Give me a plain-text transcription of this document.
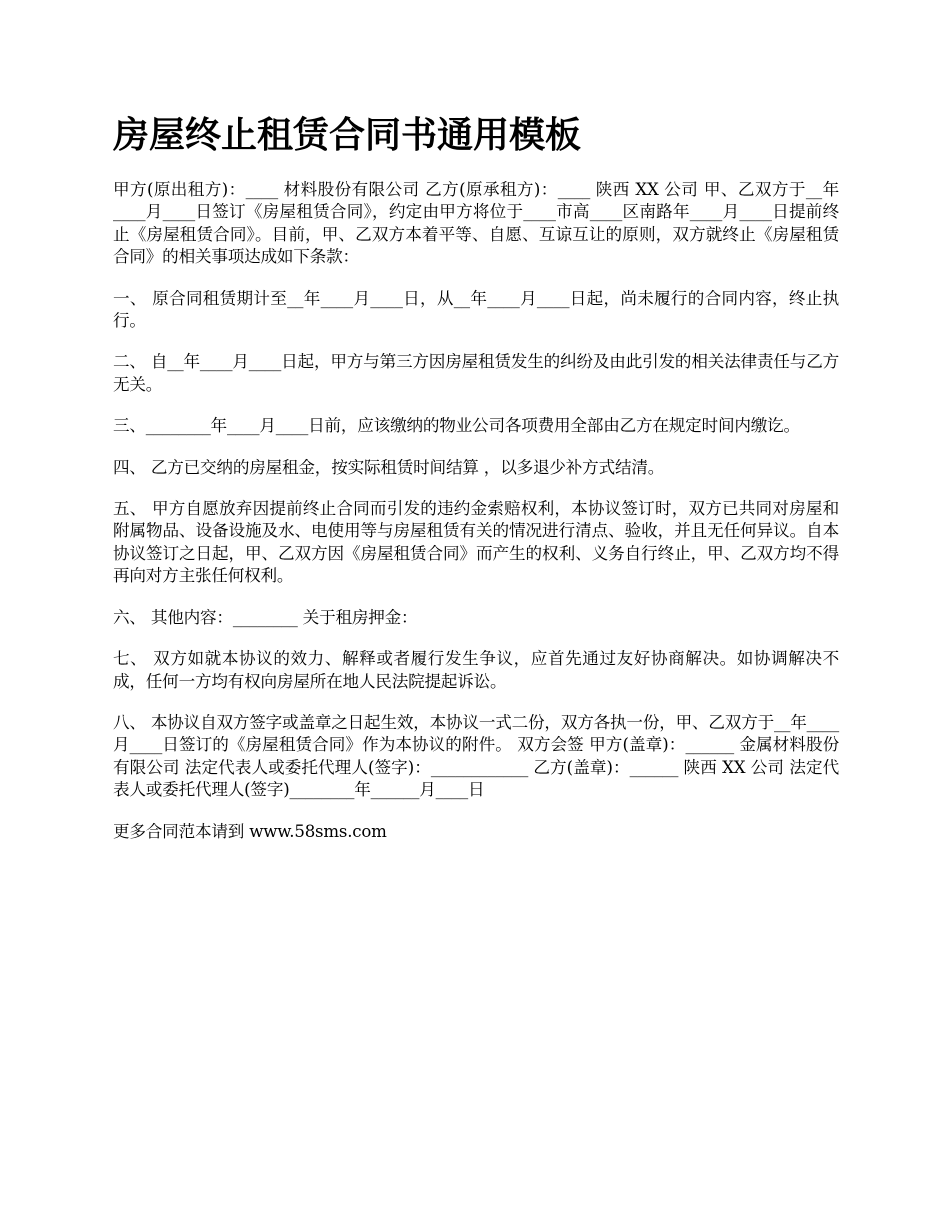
房屋终止租赁合同书通用模板

甲方(原出租方)：____ 材料股份有限公司 乙方(原承租方)：____ 陕西 XX 公司 甲、乙双方于__年____月____日签订《房屋租赁合同》，约定由甲方将位于____市高____区南路年____月____日提前终止《房屋租赁合同》。目前，甲、乙双方本着平等、自愿、互谅互让的原则，双方就终止《房屋租赁合同》的相关事项达成如下条款：

一、 原合同租赁期计至__年____月____日，从__年____月____日起，尚未履行的合同内容，终止执行。

二、 自__年____月____日起，甲方与第三方因房屋租赁发生的纠纷及由此引发的相关法律责任与乙方无关。

三、________年____月____日前，应该缴纳的物业公司各项费用全部由乙方在规定时间内缴讫。

四、 乙方已交纳的房屋租金，按实际租赁时间结算 ，以多退少补方式结清。

五、 甲方自愿放弃因提前终止合同而引发的违约金索赔权利，本协议签订时，双方已共同对房屋和附属物品、设备设施及水、电使用等与房屋租赁有关的情况进行清点、验收，并且无任何异议。自本协议签订之日起，甲、乙双方因《房屋租赁合同》而产生的权利、义务自行终止，甲、乙双方均不得再向对方主张任何权利。

六、 其他内容：________ 关于租房押金：

七、 双方如就本协议的效力、解释或者履行发生争议，应首先通过友好协商解决。如协调解决不成，任何一方均有权向房屋所在地人民法院提起诉讼。

八、 本协议自双方签字或盖章之日起生效，本协议一式二份，双方各执一份，甲、乙双方于__年____月____日签订的《房屋租赁合同》作为本协议的附件。 双方会签 甲方(盖章)：______ 金属材料股份有限公司 法定代表人或委托代理人(签字)：____________ 乙方(盖章)：______ 陕西 XX 公司 法定代表人或委托代理人(签字)________年______月____日

更多合同范本请到 www.58sms.com
